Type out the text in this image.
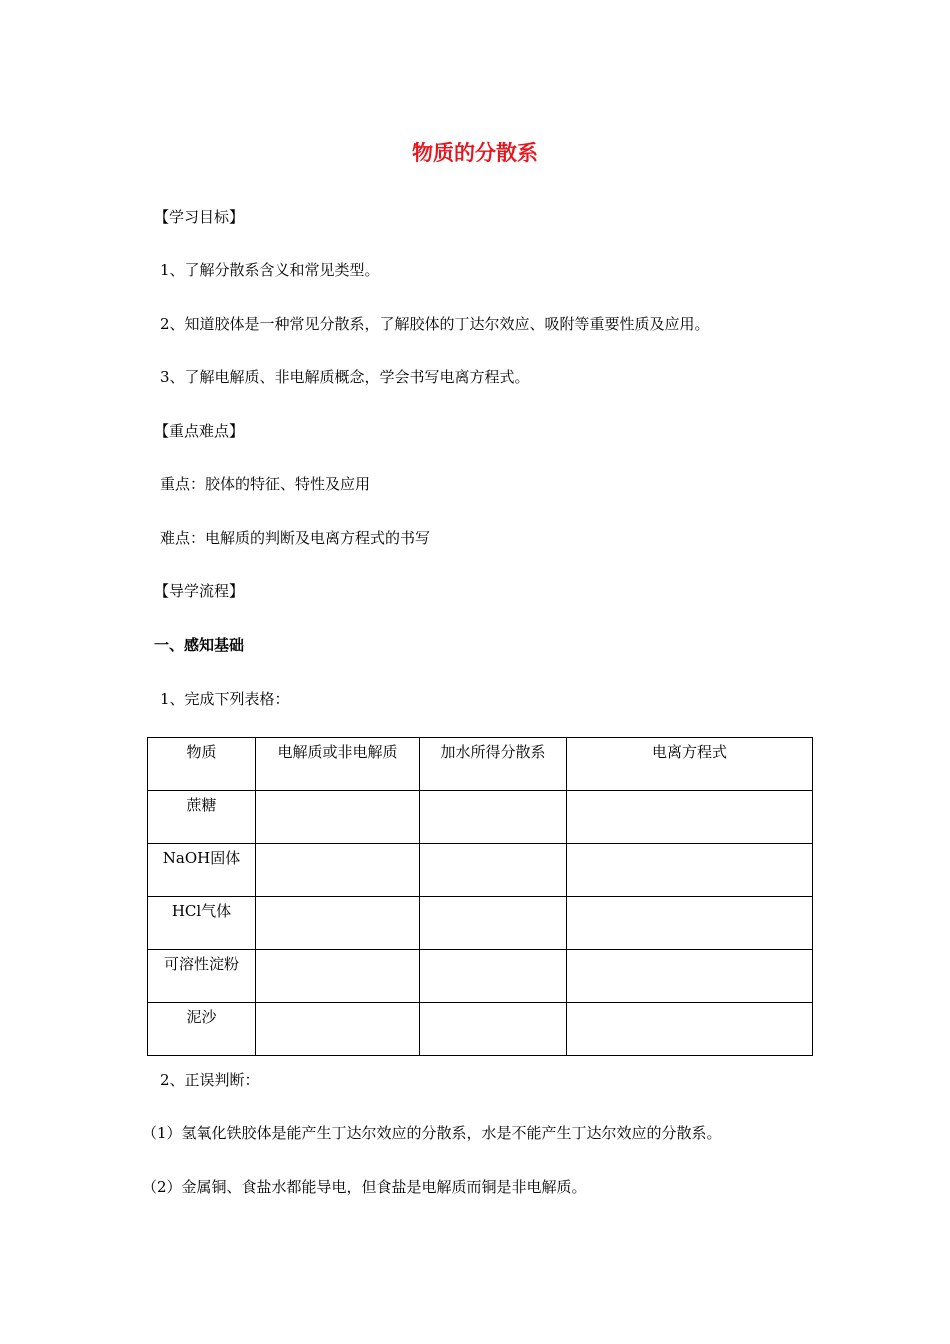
物质的分散系
【学习目标】
1、了解分散系含义和常见类型。
2、知道胶体是一种常见分散系，了解胶体的丁达尔效应、吸附等重要性质及应用。
3、了解电解质、非电解质概念，学会书写电离方程式。
【重点难点】
重点：胶体的特征、特性及应用
难点：电解质的判断及电离方程式的书写
【导学流程】
一、感知基础
1、完成下列表格：
物质	电解质或非电解质	加水所得分散系	电离方程式
蔗糖			
NaOH固体			
HCl气体			
可溶性淀粉			
泥沙			
2、正误判断：
（1）氢氧化铁胶体是能产生丁达尔效应的分散系，水是不能产生丁达尔效应的分散系。
（2）金属铜、食盐水都能导电，但食盐是电解质而铜是非电解质。
